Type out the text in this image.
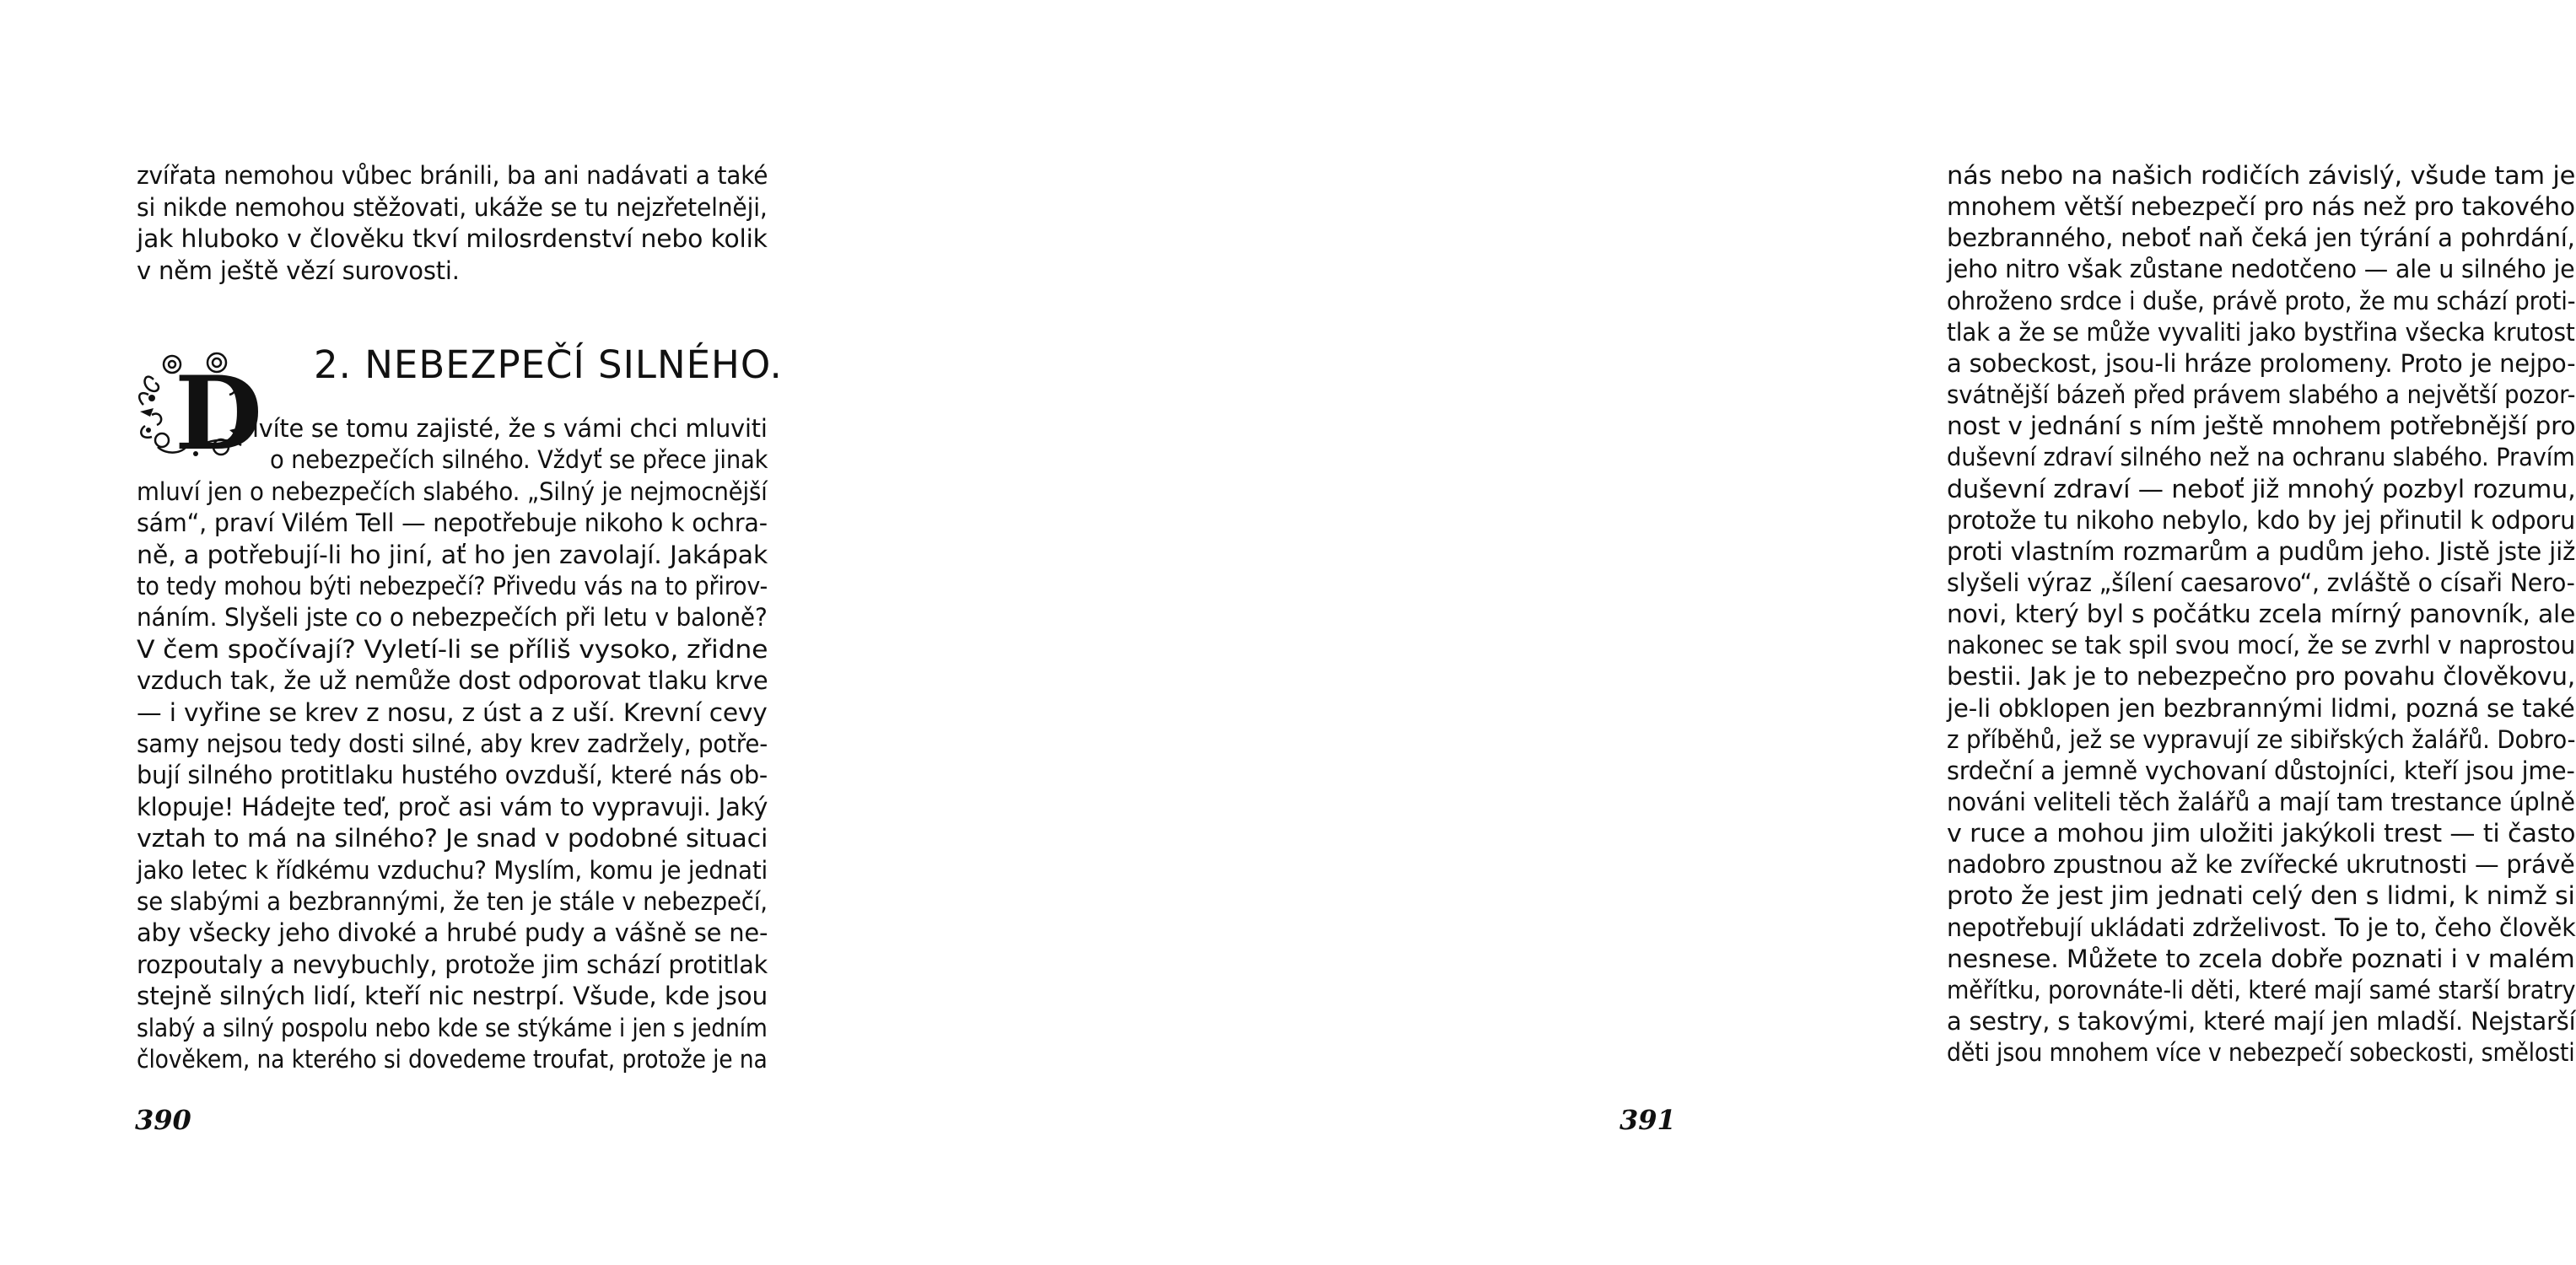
zvířata nemohou vůbec bránili, ba ani nadávati a také
si nikde nemohou stěžovati, ukáže se tu nejzřetelněji,
jak hluboko v člověku tkví milosrdenství nebo kolik
v něm ještě vězí surovosti.
D 2. NEBEZPEČÍ SILNÉHO.
ivíte se tomu zajisté, že s vámi chci mluviti
o nebezpečích silného. Vždyť se přece jinak
mluví jen o nebezpečích slabého. „Silný je nejmocnější
sám“, praví Vilém Tell — nepotřebuje nikoho k ochra-
ně, a potřebují-li ho jiní, ať ho jen zavolají. Jakápak
to tedy mohou býti nebezpečí? Přivedu vás na to přirov-
náním. Slyšeli jste co o nebezpečích při letu v baloně?
V čem spočívají? Vyletí-li se příliš vysoko, zřidne
vzduch tak, že už nemůže dost odporovat tlaku krve
— i vyřine se krev z nosu, z úst a z uší. Krevní cevy
samy nejsou tedy dosti silné, aby krev zadržely, potře-
bují silného protitlaku hustého ovzduší, které nás ob-
klopuje! Hádejte teď, proč asi vám to vypravuji. Jaký
vztah to má na silného? Je snad v podobné situaci
jako letec k řídkému vzduchu? Myslím, komu je jednati
se slabými a bezbrannými, že ten je stále v nebezpečí,
aby všecky jeho divoké a hrubé pudy a vášně se ne-
rozpoutaly a nevybuchly, protože jim schází protitlak
stejně silných lidí, kteří nic nestrpí. Všude, kde jsou
slabý a silný pospolu nebo kde se stýkáme i jen s jedním
člověkem, na kterého si dovedeme troufat, protože je na
390
nás nebo na našich rodičích závislý, všude tam je
mnohem větší nebezpečí pro nás než pro takového
bezbranného, neboť naň čeká jen týrání a pohrdání,
jeho nitro však zůstane nedotčeno — ale u silného je
ohroženo srdce i duše, právě proto, že mu schází proti-
tlak a že se může vyvaliti jako bystřina všecka krutost
a sobeckost, jsou-li hráze prolomeny. Proto je nejpo-
svátnější bázeň před právem slabého a největší pozor-
nost v jednání s ním ještě mnohem potřebnější pro
duševní zdraví silného než na ochranu slabého. Pravím
duševní zdraví — neboť již mnohý pozbyl rozumu,
protože tu nikoho nebylo, kdo by jej přinutil k odporu
proti vlastním rozmarům a pudům jeho. Jistě jste již
slyšeli výraz „šílení caesarovo“, zvláště o císaři Nero-
novi, který byl s počátku zcela mírný panovník, ale
nakonec se tak spil svou mocí, že se zvrhl v naprostou
bestii. Jak je to nebezpečno pro povahu člověkovu,
je-li obklopen jen bezbrannými lidmi, pozná se také
z příběhů, jež se vypravují ze sibiřských žalářů. Dobro-
srdeční a jemně vychovaní důstojníci, kteří jsou jme-
nováni veliteli těch žalářů a mají tam trestance úplně
v ruce a mohou jim uložiti jakýkoli trest — ti často
nadobro zpustnou až ke zvířecké ukrutnosti — právě
proto že jest jim jednati celý den s lidmi, k nimž si
nepotřebují ukládati zdrželivost. To je to, čeho člověk
nesnese. Můžete to zcela dobře poznati i v malém
měřítku, porovnáte-li děti, které mají samé starší bratry
a sestry, s takovými, které mají jen mladší. Nejstarší
děti jsou mnohem více v nebezpečí sobeckosti, smělosti
391
